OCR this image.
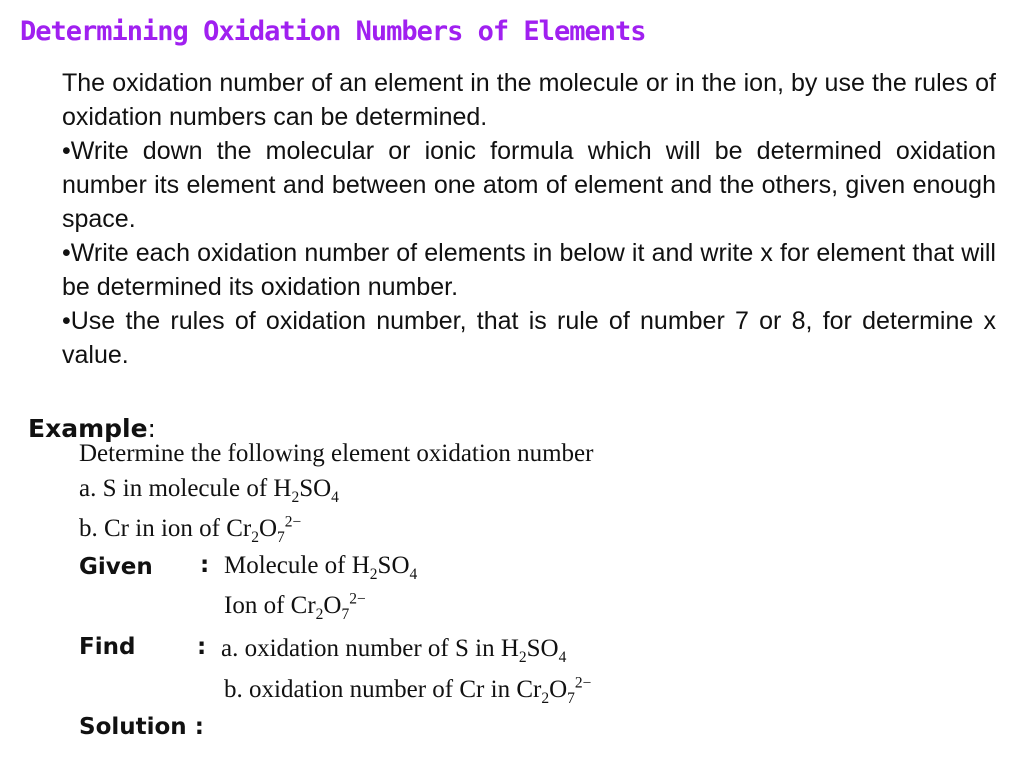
Determining Oxidation Numbers of Elements

The oxidation number of an element in the molecule or in the ion, by use the rules of oxidation numbers can be determined.

•Write down the molecular or ionic formula which will be determined oxidation number its element and between one atom of element and the others, given enough space.

•Write each oxidation number of elements in below it and write x for element that will be determined its oxidation number.

•Use the rules of oxidation number, that is rule of number 7 or 8, for determine x value.

Example:
Determine the following element oxidation number
a. S in molecule of $H_2SO_4$
b. Cr in ion of $Cr_2O_7^{2-}$
Given : Molecule of $H_2SO_4$
Ion of $Cr_2O_7^{2-}$
Find	: a. oxidation number of S in $H_2SO_4$
b. oxidation number of Cr in $Cr_2O_7^{2-}$
Solution :
